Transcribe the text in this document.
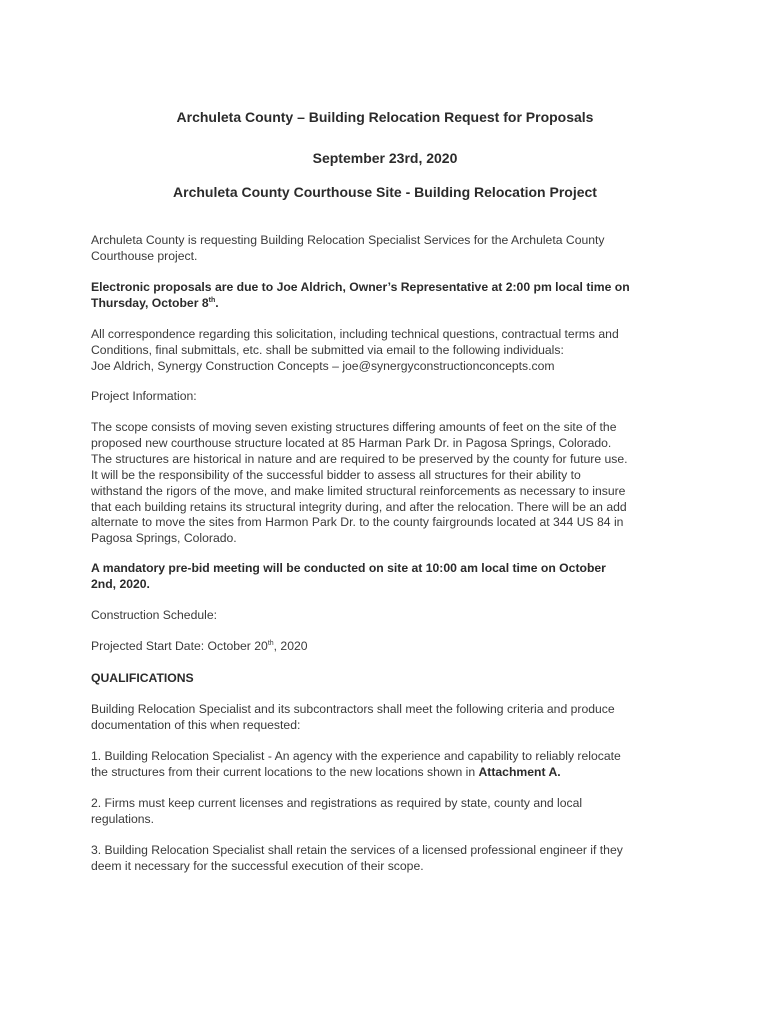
Archuleta County – Building Relocation Request for Proposals
September 23rd, 2020
Archuleta County Courthouse Site - Building Relocation Project
Archuleta County is requesting Building Relocation Specialist Services for the Archuleta County
Courthouse project.
Electronic proposals are due to Joe Aldrich, Owner’s Representative at 2:00 pm local time on
Thursday, October 8th.
All correspondence regarding this solicitation, including technical questions, contractual terms and
Conditions, final submittals, etc. shall be submitted via email to the following individuals:
Joe Aldrich, Synergy Construction Concepts – joe@synergyconstructionconcepts.com
Project Information:
The scope consists of moving seven existing structures differing amounts of feet on the site of the
proposed new courthouse structure located at 85 Harman Park Dr. in Pagosa Springs, Colorado.
The structures are historical in nature and are required to be preserved by the county for future use.
It will be the responsibility of the successful bidder to assess all structures for their ability to
withstand the rigors of the move, and make limited structural reinforcements as necessary to insure
that each building retains its structural integrity during, and after the relocation. There will be an add
alternate to move the sites from Harmon Park Dr. to the county fairgrounds located at 344 US 84 in
Pagosa Springs, Colorado.
A mandatory pre-bid meeting will be conducted on site at 10:00 am local time on October
2nd, 2020.
Construction Schedule:
Projected Start Date: October 20th, 2020
QUALIFICATIONS
Building Relocation Specialist and its subcontractors shall meet the following criteria and produce
documentation of this when requested:
1. Building Relocation Specialist - An agency with the experience and capability to reliably relocate
the structures from their current locations to the new locations shown in Attachment A.
2. Firms must keep current licenses and registrations as required by state, county and local
regulations.
3. Building Relocation Specialist shall retain the services of a licensed professional engineer if they
deem it necessary for the successful execution of their scope.
